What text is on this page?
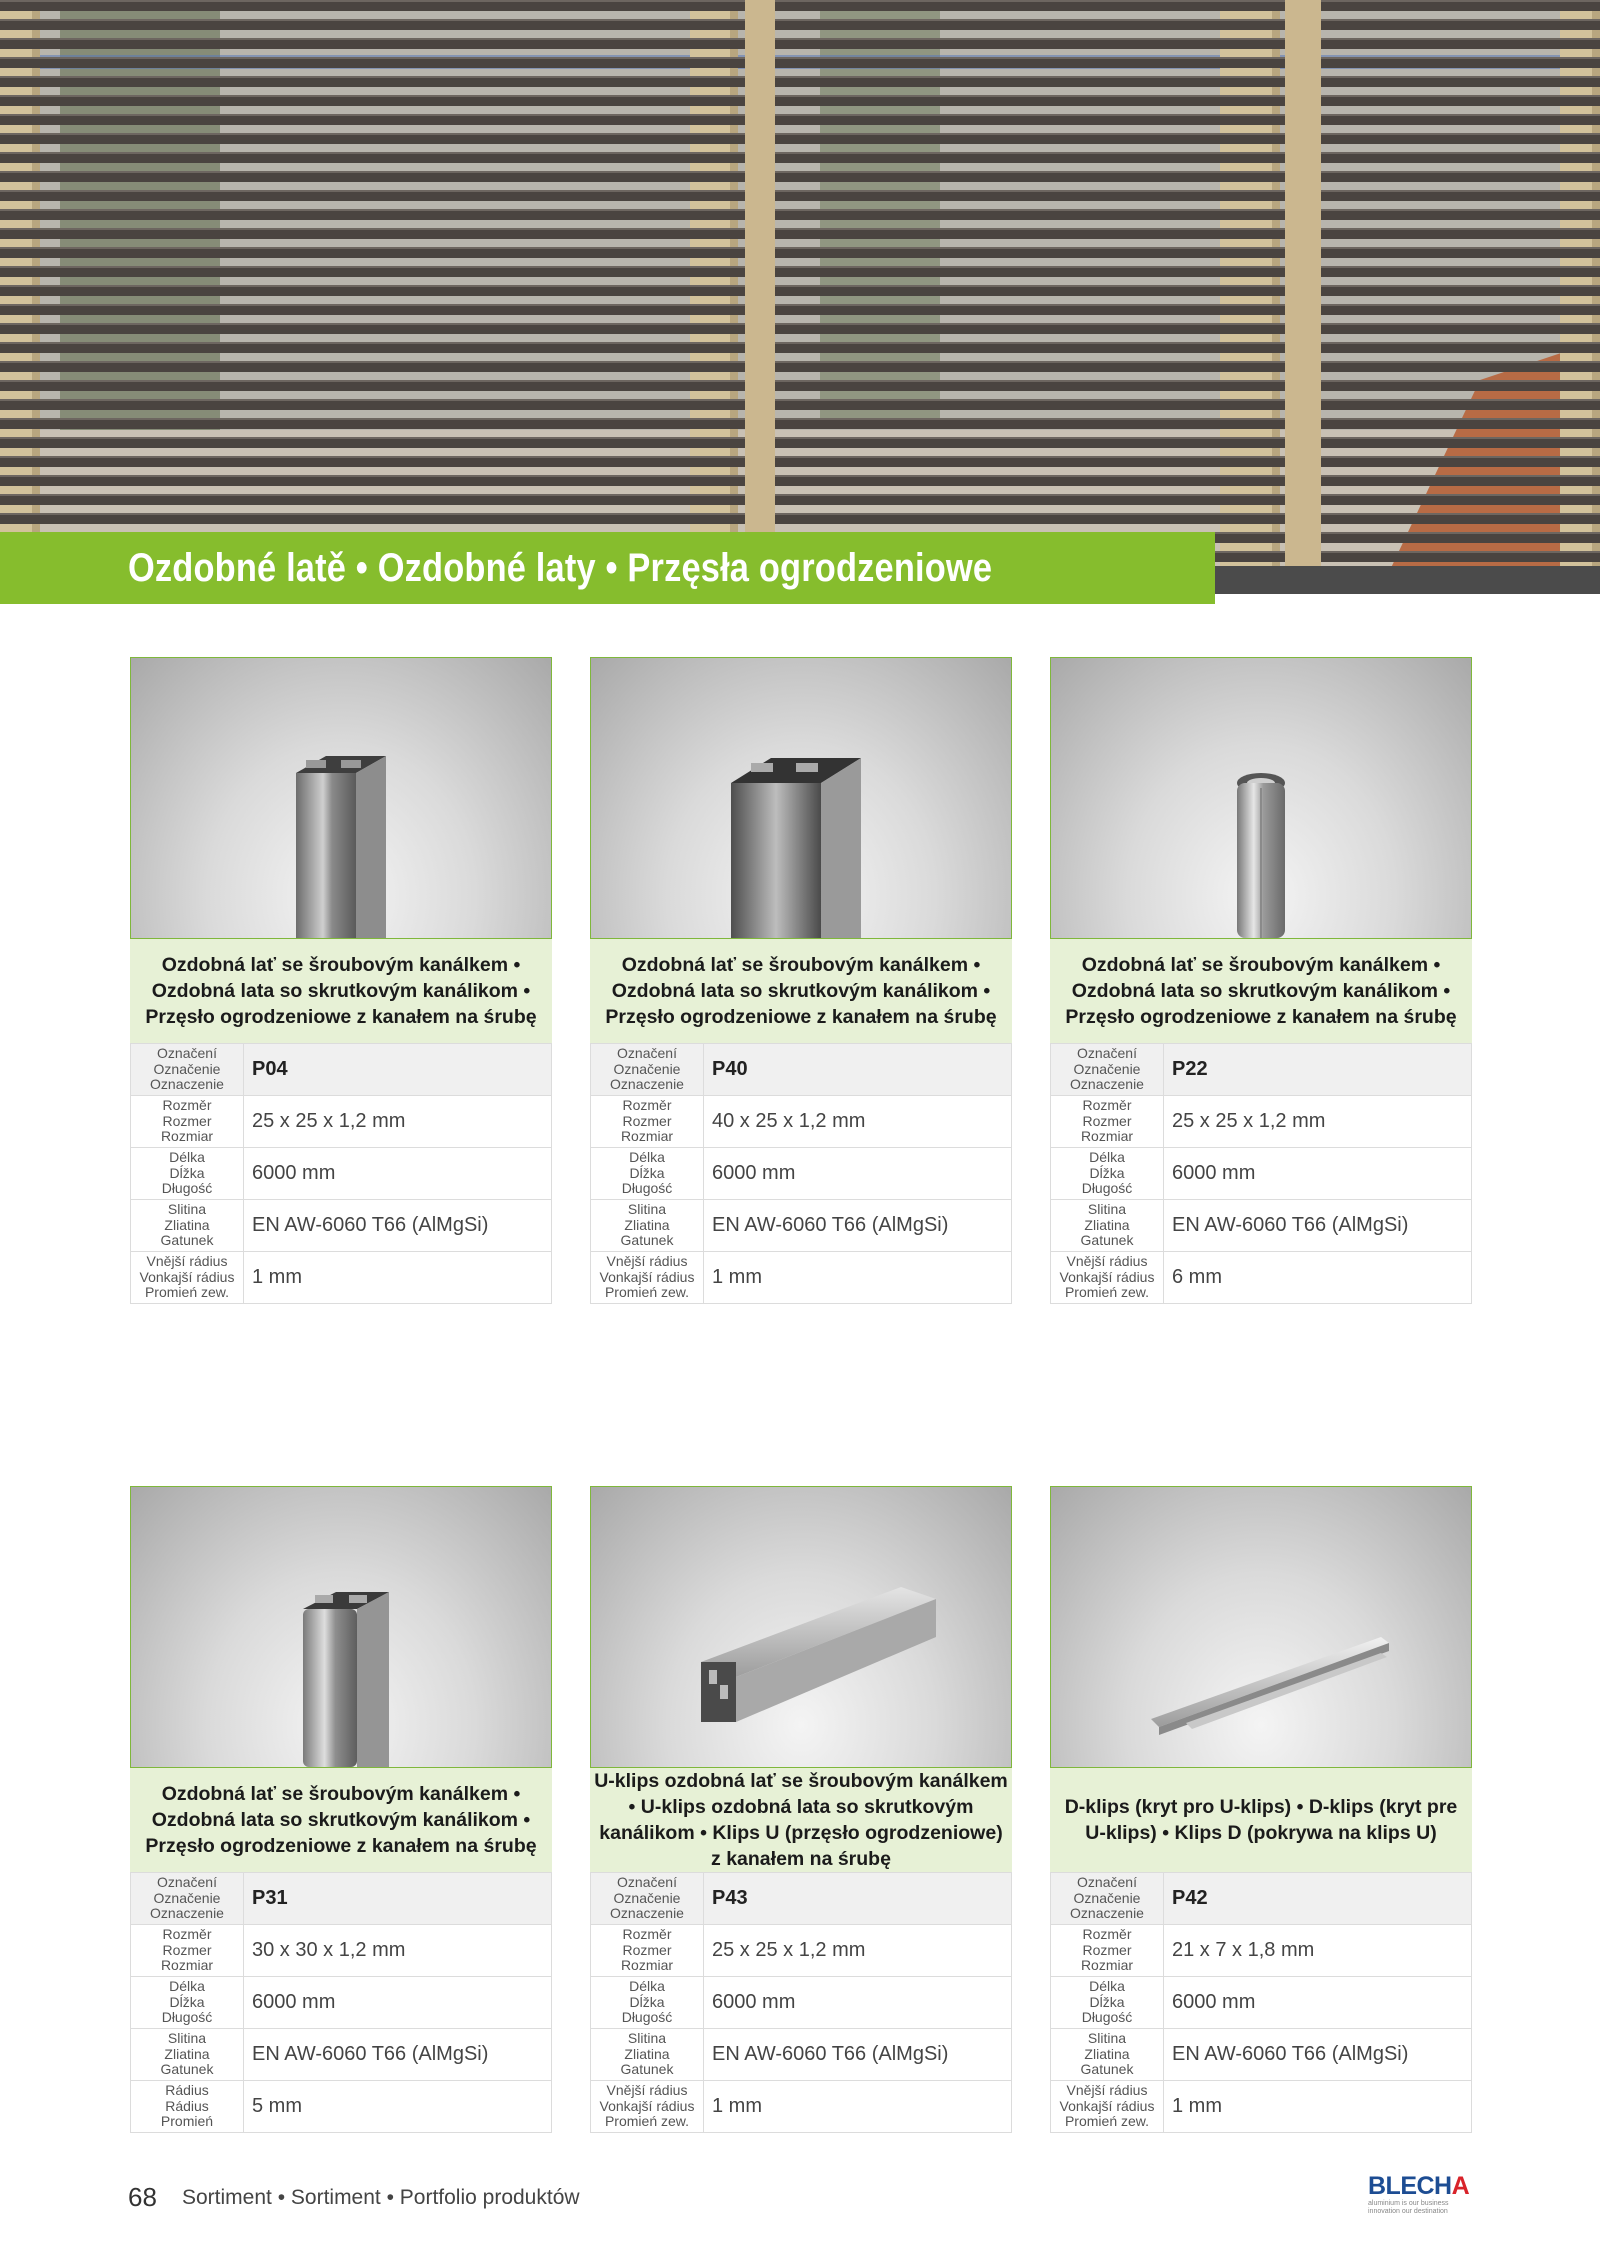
Ozdobné latě • Ozdobné laty • Przęsła ogrodzeniowe
Ozdobná lať se šroubovým kanálkem • Ozdobná lata so skrutkovým kanálikom • Przęsło ogrodzeniowe z kanałem na śrubę
Označení
Označenie
Oznaczenie	P04

Rozměr
Rozmer
Rozmiar	25 x 25 x 1,2 mm

Délka
Dĺžka
Długość	6000 mm

Slitina
Zliatina
Gatunek	EN AW-6060 T66 (AlMgSi)

Vnější rádius
Vonkajší rádius
Promień zew.	1 mm
Ozdobná lať se šroubovým kanálkem • Ozdobná lata so skrutkovým kanálikom • Przęsło ogrodzeniowe z kanałem na śrubę
Označení
Označenie
Oznaczenie	P40

Rozměr
Rozmer
Rozmiar	40 x 25 x 1,2 mm

Délka
Dĺžka
Długość	6000 mm

Slitina
Zliatina
Gatunek	EN AW-6060 T66 (AlMgSi)

Vnější rádius
Vonkajší rádius
Promień zew.	1 mm
Ozdobná lať se šroubovým kanálkem • Ozdobná lata so skrutkovým kanálikom • Przęsło ogrodzeniowe z kanałem na śrubę
Označení
Označenie
Oznaczenie	P22

Rozměr
Rozmer
Rozmiar	25 x 25 x 1,2 mm

Délka
Dĺžka
Długość	6000 mm

Slitina
Zliatina
Gatunek	EN AW-6060 T66 (AlMgSi)

Vnější rádius
Vonkajší rádius
Promień zew.	6 mm
Ozdobná lať se šroubovým kanálkem • Ozdobná lata so skrutkovým kanálikom • Przęsło ogrodzeniowe z kanałem na śrubę
Označení
Označenie
Oznaczenie	P31

Rozměr
Rozmer
Rozmiar	30 x 30 x 1,2 mm

Délka
Dĺžka
Długość	6000 mm

Slitina
Zliatina
Gatunek	EN AW-6060 T66 (AlMgSi)

Rádius
Rádius
Promień	5 mm
U-klips ozdobná lať se šroubovým kanálkem • U-klips ozdobná lata so skrutkovým kanálikom • Klips U (przęsło ogrodzeniowe) z kanałem na śrubę
Označení
Označenie
Oznaczenie	P43

Rozměr
Rozmer
Rozmiar	25 x 25 x 1,2 mm

Délka
Dĺžka
Długość	6000 mm

Slitina
Zliatina
Gatunek	EN AW-6060 T66 (AlMgSi)

Vnější rádius
Vonkajší rádius
Promień zew.	1 mm
D-klips (kryt pro U-klips) • D-klips (kryt pre U-klips) • Klips D (pokrywa na klips U)
Označení
Označenie
Oznaczenie	P42

Rozměr
Rozmer
Rozmiar	21 x 7 x 1,8 mm

Délka
Dĺžka
Długość	6000 mm

Slitina
Zliatina
Gatunek	EN AW-6060 T66 (AlMgSi)

Vnější rádius
Vonkajší rádius
Promień zew.	1 mm
68 Sortiment • Sortiment • Portfolio produktów	BLECHA
aluminium is our business
innovation our destination
